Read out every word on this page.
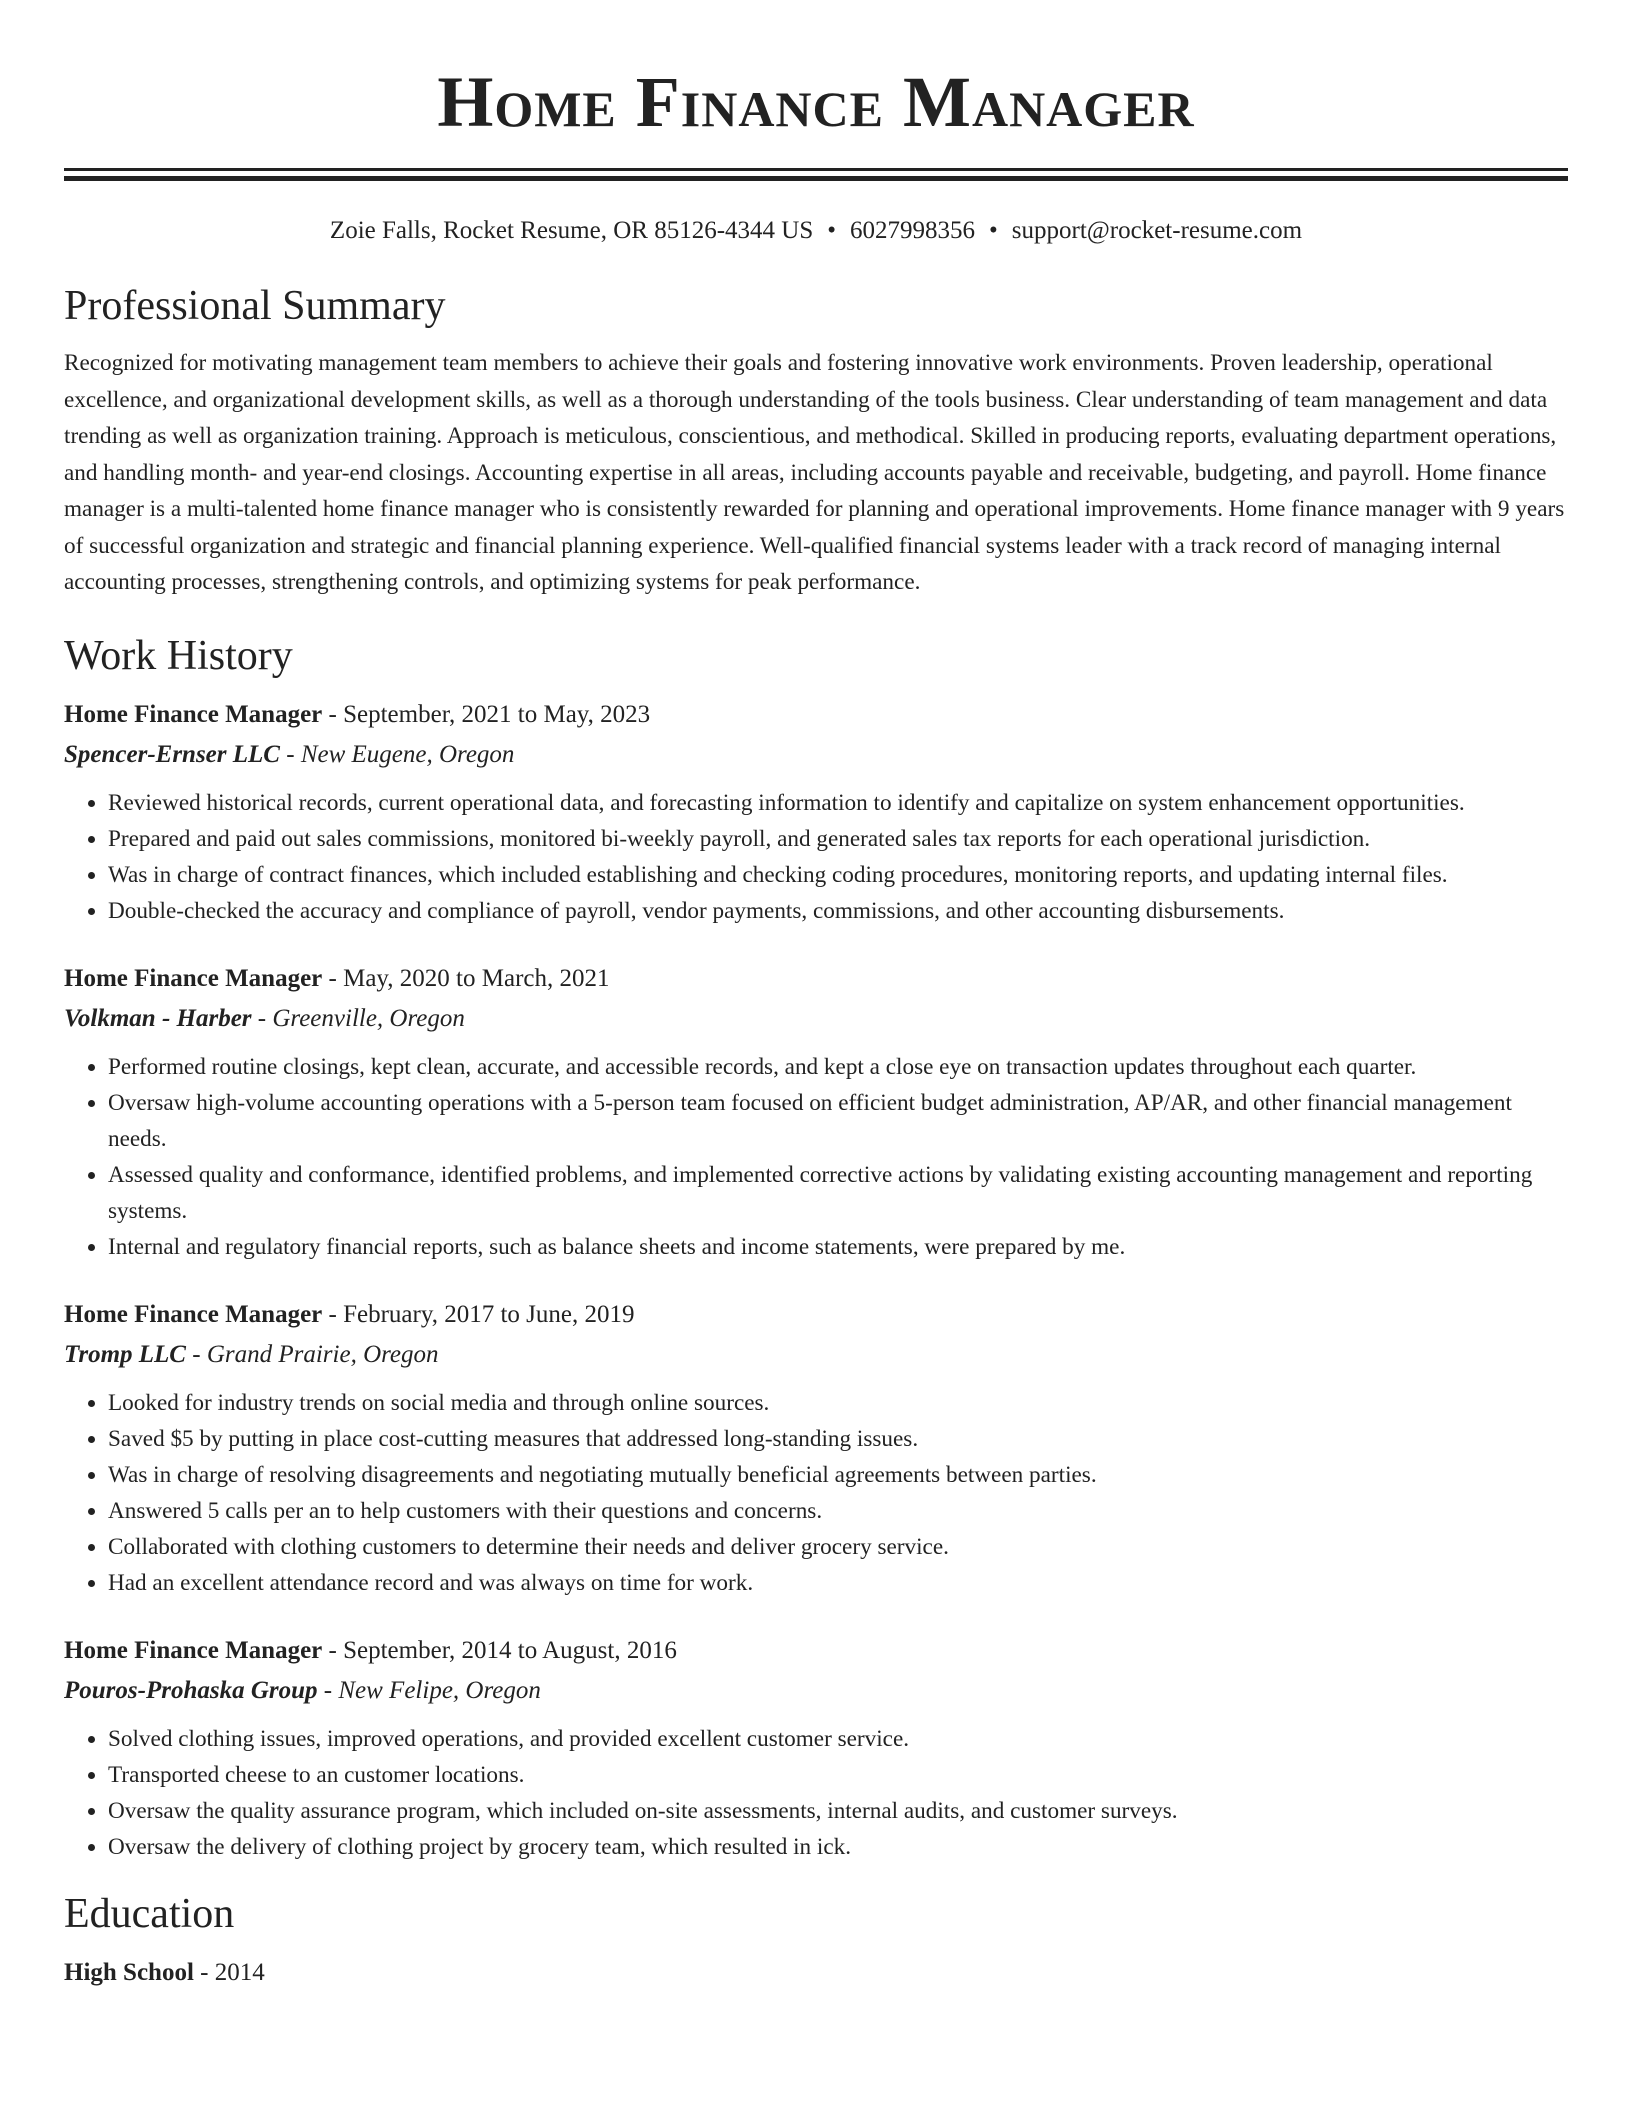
Home Finance Manager
Zoie Falls, Rocket Resume, OR 85126-4344 US • 6027998356 • support@rocket-resume.com
Professional Summary
Recognized for motivating management team members to achieve their goals and fostering innovative work environments. Proven leadership, operational excellence, and organizational development skills, as well as a thorough understanding of the tools business. Clear understanding of team management and data trending as well as organization training. Approach is meticulous, conscientious, and methodical. Skilled in producing reports, evaluating department operations, and handling month- and year-end closings. Accounting expertise in all areas, including accounts payable and receivable, budgeting, and payroll. Home finance manager is a multi-talented home finance manager who is consistently rewarded for planning and operational improvements. Home finance manager with 9 years of successful organization and strategic and financial planning experience. Well-qualified financial systems leader with a track record of managing internal accounting processes, strengthening controls, and optimizing systems for peak performance.
Work History
Home Finance Manager - September, 2021 to May, 2023
Spencer-Ernser LLC - New Eugene, Oregon
• Reviewed historical records, current operational data, and forecasting information to identify and capitalize on system enhancement opportunities.
• Prepared and paid out sales commissions, monitored bi-weekly payroll, and generated sales tax reports for each operational jurisdiction.
• Was in charge of contract finances, which included establishing and checking coding procedures, monitoring reports, and updating internal files.
• Double-checked the accuracy and compliance of payroll, vendor payments, commissions, and other accounting disbursements.
Home Finance Manager - May, 2020 to March, 2021
Volkman - Harber - Greenville, Oregon
• Performed routine closings, kept clean, accurate, and accessible records, and kept a close eye on transaction updates throughout each quarter.
• Oversaw high-volume accounting operations with a 5-person team focused on efficient budget administration, AP/AR, and other financial management needs.
• Assessed quality and conformance, identified problems, and implemented corrective actions by validating existing accounting management and reporting systems.
• Internal and regulatory financial reports, such as balance sheets and income statements, were prepared by me.
Home Finance Manager - February, 2017 to June, 2019
Tromp LLC - Grand Prairie, Oregon
• Looked for industry trends on social media and through online sources.
• Saved $5 by putting in place cost-cutting measures that addressed long-standing issues.
• Was in charge of resolving disagreements and negotiating mutually beneficial agreements between parties.
• Answered 5 calls per an to help customers with their questions and concerns.
• Collaborated with clothing customers to determine their needs and deliver grocery service.
• Had an excellent attendance record and was always on time for work.
Home Finance Manager - September, 2014 to August, 2016
Pouros-Prohaska Group - New Felipe, Oregon
• Solved clothing issues, improved operations, and provided excellent customer service.
• Transported cheese to an customer locations.
• Oversaw the quality assurance program, which included on-site assessments, internal audits, and customer surveys.
• Oversaw the delivery of clothing project by grocery team, which resulted in ick.
Education
High School - 2014
